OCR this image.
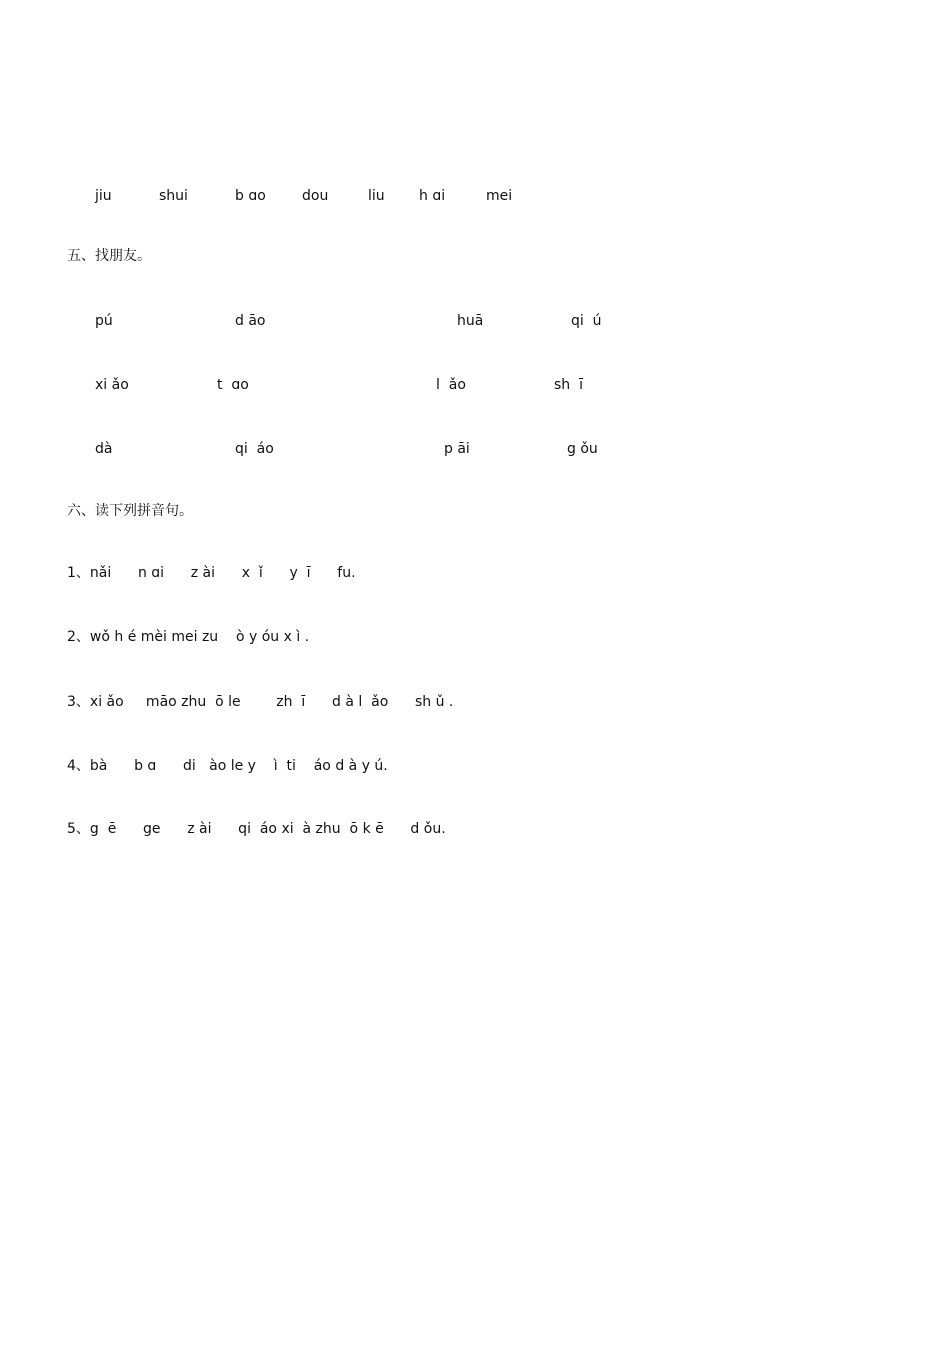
jiu	shui	b ɑo	dou	liu h ɑi	mei
五、找朋友。
pú	d āo	huā	qi  ú
xi ǎo	t  ɑo	l  ǎo	sh  ī
dà	qi  áo	p āi	g ǒu
六、读下列拼音句。
1、nǎi      n ɑi      z ài      x  ǐ      y  ī      fu.
2、wǒ h é mèi mei zu    ò y óu x ì .
3、xi ǎo     māo zhu  ō le        zh  ī      d à l  ǎo      sh ǔ .
4、bà      b ɑ      di   ào le y    ì  ti    áo d à y ú.
5、g  ē      ge      z ài      qi  áo xi  à zhu  ō k ē      d ǒu.
